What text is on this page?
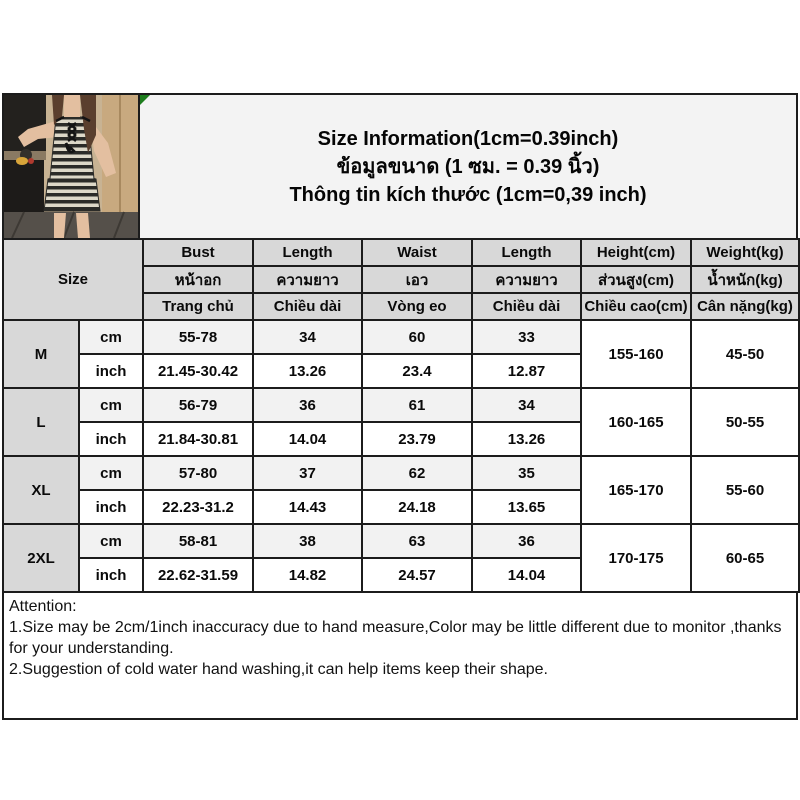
Size Information(1cm=0.39inch)
ข้อมูลขนาด (1 ซม. = 0.39 นิ้ว)
Thông tin kích thước (1cm=0,39 inch)
Size		Bust	Length	Waist	Length	Height(cm)	Weight(kg)
		หน้าอก	ความยาว	เอว	ความยาว	ส่วนสูง(cm)	น้ำหนัก(kg)
		Trang chủ	Chiều dài	Vòng eo	Chiều dài	Chiều cao(cm)	Cân nặng(kg)
M	cm	55-78	34	60	33	155-160	45-50
	inch	21.45-30.42	13.26	23.4	12.87		
L	cm	56-79	36	61	34	160-165	50-55
	inch	21.84-30.81	14.04	23.79	13.26		
XL	cm	57-80	37	62	35	165-170	55-60
	inch	22.23-31.2	14.43	24.18	13.65		
2XL	cm	58-81	38	63	36	170-175	60-65
	inch	22.62-31.59	14.82	24.57	14.04		

Attention:

1.Size may be 2cm/1inch inaccuracy due to hand measure,Color may be little different due to monitor ,thanks for your understanding.

2.Suggestion of cold water hand washing,it can help items keep their shape.
